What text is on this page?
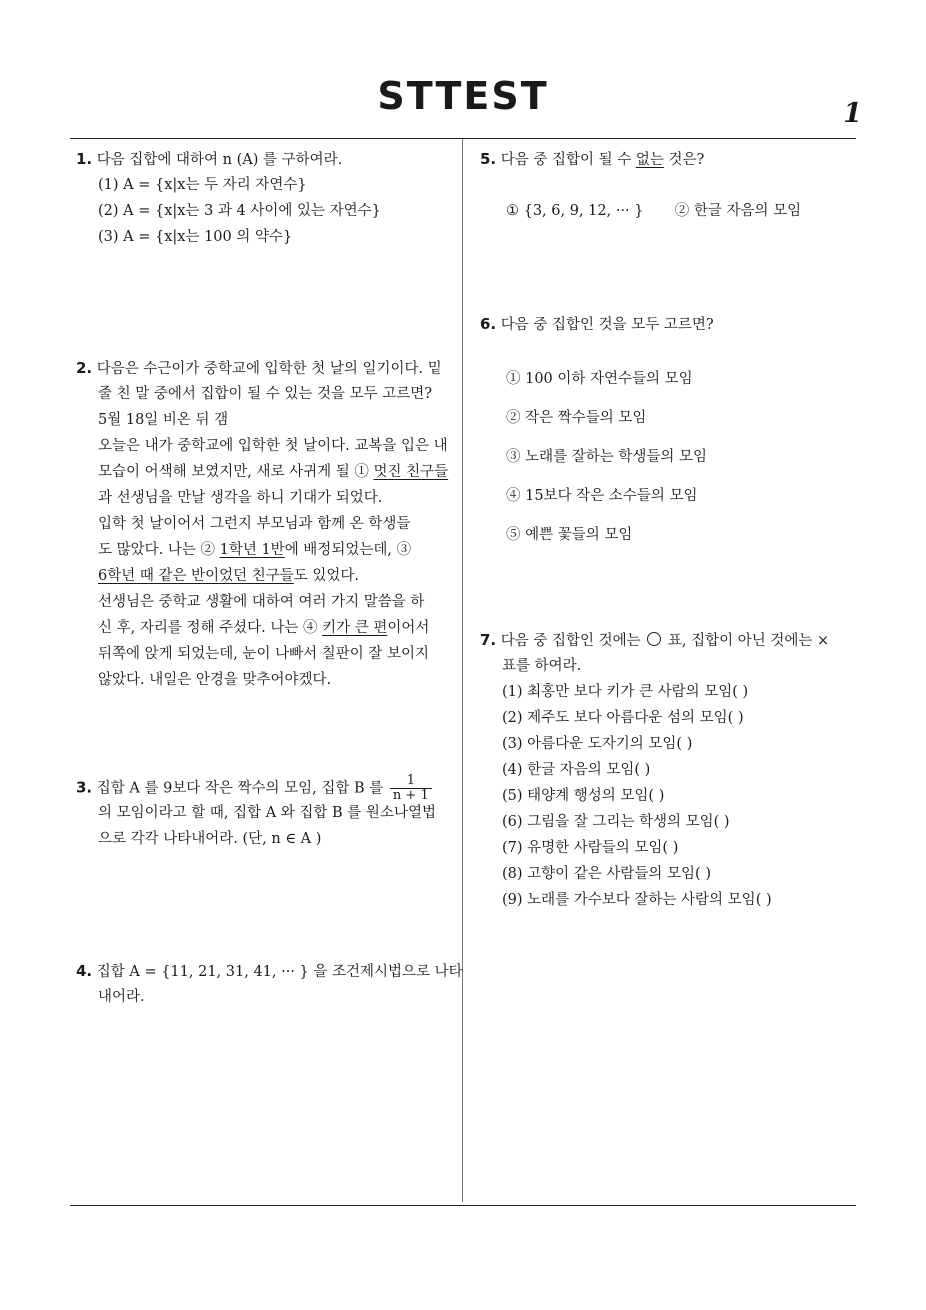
STTEST	1
1. 다음 집합에 대하여 n (A) 를 구하여라.
(1) A = {x|x는 두 자리 자연수}
(2) A = {x|x는 3 과 4 사이에 있는 자연수}
(3) A = {x|x는 100 의 약수}
2. 다음은 수근이가 중학교에 입학한 첫 날의 일기이다. 밑
줄 친 말 중에서 집합이 될 수 있는 것을 모두 고르면?
5월 18일 비온 뒤 갬
오늘은 내가 중학교에 입학한 첫 날이다. 교복을 입은 내
모습이 어색해 보였지만, 새로 사귀게 될 ① 멋진 친구들
과 선생님을 만날 생각을 하니 기대가 되었다.
입학 첫 날이어서 그런지 부모님과 함께 온 학생들
도 많았다. 나는 ② 1학년 1반에 배정되었는데, ③
6학년 때 같은 반이었던 친구들도 있었다.
선생님은 중학교 생활에 대하여 여러 가지 말씀을 하
신 후, 자리를 정해 주셨다. 나는 ④ 키가 큰 편이어서
뒤쪽에 앉게 되었는데, 눈이 나빠서 칠판이 잘 보이지
않았다. 내일은 안경을 맞추어야겠다.
3. 집합 A 를 9보다 작은 짝수의 모임, 집합 B 를 $\frac{1}{n + 1}$
의 모임이라고 할 때, 집합 A 와 집합 B 를 원소나열법
으로 각각 나타내어라. (단, n ∈ A )
4. 집합 A = {11, 21, 31, 41, ··· } 을 조건제시법으로 나타
내어라.
5. 다음 중 집합이 될 수 없는 것은?
① {3, 6, 9, 12, ··· } ② 한글 자음의 모임
6. 다음 중 집합인 것을 모두 고르면?
① 100 이하 자연수들의 모임
② 작은 짝수들의 모임
③ 노래를 잘하는 학생들의 모임
④ 15보다 작은 소수들의 모임
⑤ 예쁜 꽃들의 모임
7. 다음 중 집합인 것에는 ○ 표, 집합이 아닌 것에는 ×
표를 하여라.
(1) 최홍만 보다 키가 큰 사람의 모임( )
(2) 제주도 보다 아름다운 섬의 모임( )
(3) 아름다운 도자기의 모임( )
(4) 한글 자음의 모임( )
(5) 태양계 행성의 모임( )
(6) 그림을 잘 그리는 학생의 모임( )
(7) 유명한 사람들의 모임( )
(8) 고향이 같은 사람들의 모임( )
(9) 노래를 가수보다 잘하는 사람의 모임( )
